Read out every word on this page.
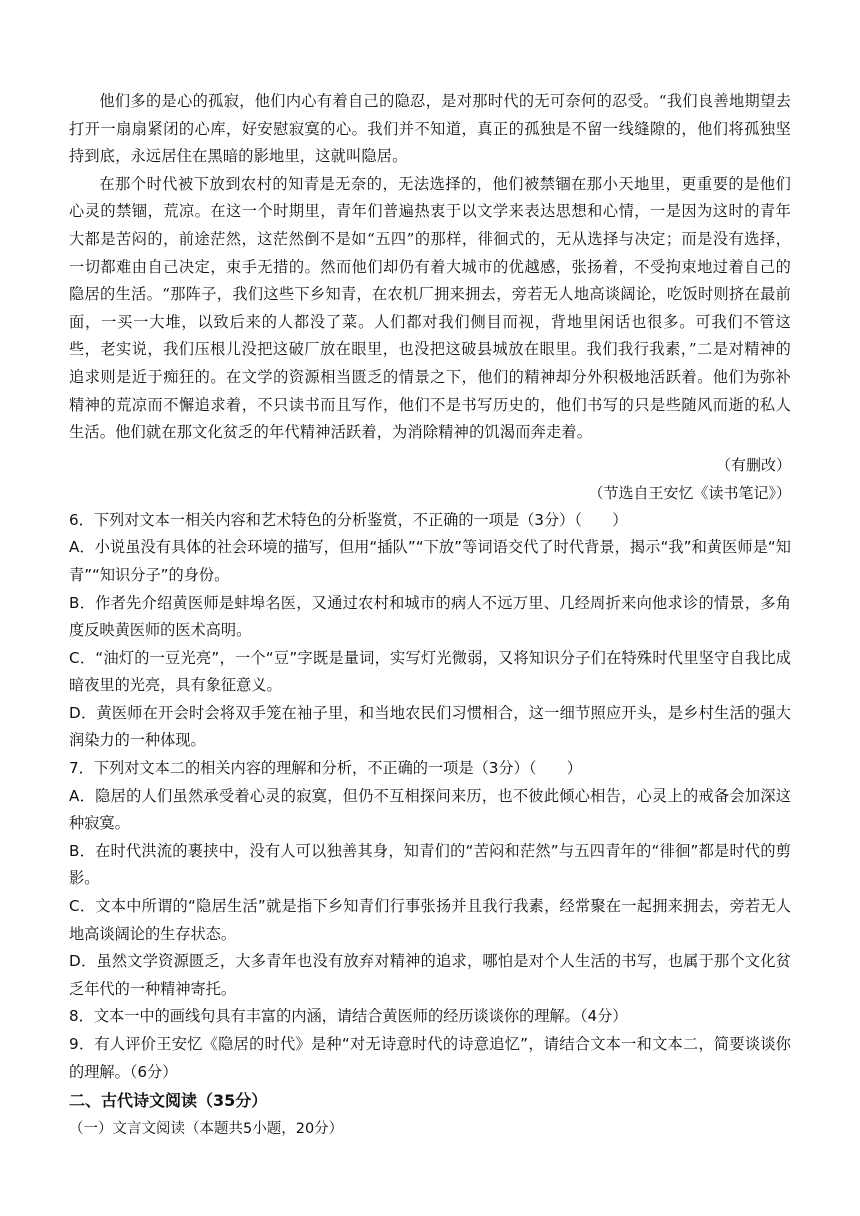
他们多的是心的孤寂，他们内心有着自己的隐忍，是对那时代的无可奈何的忍受。“我们良善地期望去打开一扇扇紧闭的心库，好安慰寂寞的心。我们并不知道，真正的孤独是不留一线缝隙的，他们将孤独坚持到底，永远居住在黑暗的影地里，这就叫隐居。

在那个时代被下放到农村的知青是无奈的，无法选择的，他们被禁锢在那小天地里，更重要的是他们心灵的禁锢，荒凉。在这一个时期里，青年们普遍热衷于以文学来表达思想和心情，一是因为这时的青年大都是苦闷的，前途茫然，这茫然倒不是如“五四”的那样，徘徊式的，无从选择与决定；而是没有选择，一切都难由自己决定，束手无措的。然而他们却仍有着大城市的优越感，张扬着，不受拘束地过着自己的隐居的生活。“那阵子，我们这些下乡知青，在农机厂拥来拥去，旁若无人地高谈阔论，吃饭时则挤在最前面，一买一大堆，以致后来的人都没了菜。人们都对我们侧目而视，背地里闲话也很多。可我们不管这些，老实说，我们压根儿没把这破厂放在眼里，也没把这破县城放在眼里。我们我行我素，”二是对精神的追求则是近于痴狂的。在文学的资源相当匮乏的情景之下，他们的精神却分外积极地活跃着。他们为弥补精神的荒凉而不懈追求着，不只读书而且写作，他们不是书写历史的，他们书写的只是些随风而逝的私人生活。他们就在那文化贫乏的年代精神活跃着，为消除精神的饥渴而奔走着。

（有删改）

（节选自王安忆《读书笔记》）

6．下列对文本一相关内容和艺术特色的分析鉴赏，不正确的一项是（3分）（　　）

A．小说虽没有具体的社会环境的描写，但用“插队”“下放”等词语交代了时代背景，揭示“我”和黄医师是“知青”“知识分子”的身份。

B．作者先介绍黄医师是蚌埠名医，又通过农村和城市的病人不远万里、几经周折来向他求诊的情景，多角度反映黄医师的医术高明。

C．“油灯的一豆光亮”，一个“豆”字既是量词，实写灯光微弱，又将知识分子们在特殊时代里坚守自我比成暗夜里的光亮，具有象征意义。

D．黄医师在开会时会将双手笼在袖子里，和当地农民们习惯相合，这一细节照应开头，是乡村生活的强大润染力的一种体现。

7．下列对文本二的相关内容的理解和分析，不正确的一项是（3分）（　　）

A．隐居的人们虽然承受着心灵的寂寞，但仍不互相探问来历，也不彼此倾心相告，心灵上的戒备会加深这种寂寞。

B．在时代洪流的裹挟中，没有人可以独善其身，知青们的“苦闷和茫然”与五四青年的“徘徊”都是时代的剪影。

C．文本中所谓的“隐居生活”就是指下乡知青们行事张扬并且我行我素，经常聚在一起拥来拥去，旁若无人地高谈阔论的生存状态。

D．虽然文学资源匮乏，大多青年也没有放弃对精神的追求，哪怕是对个人生活的书写，也属于那个文化贫乏年代的一种精神寄托。

8．文本一中的画线句具有丰富的内涵，请结合黄医师的经历谈谈你的理解。（4分）

9．有人评价王安忆《隐居的时代》是种“对无诗意时代的诗意追忆”，请结合文本一和文本二，简要谈谈你的理解。（6分）

二、古代诗文阅读（35分）

（一）文言文阅读（本题共5小题，20分）
